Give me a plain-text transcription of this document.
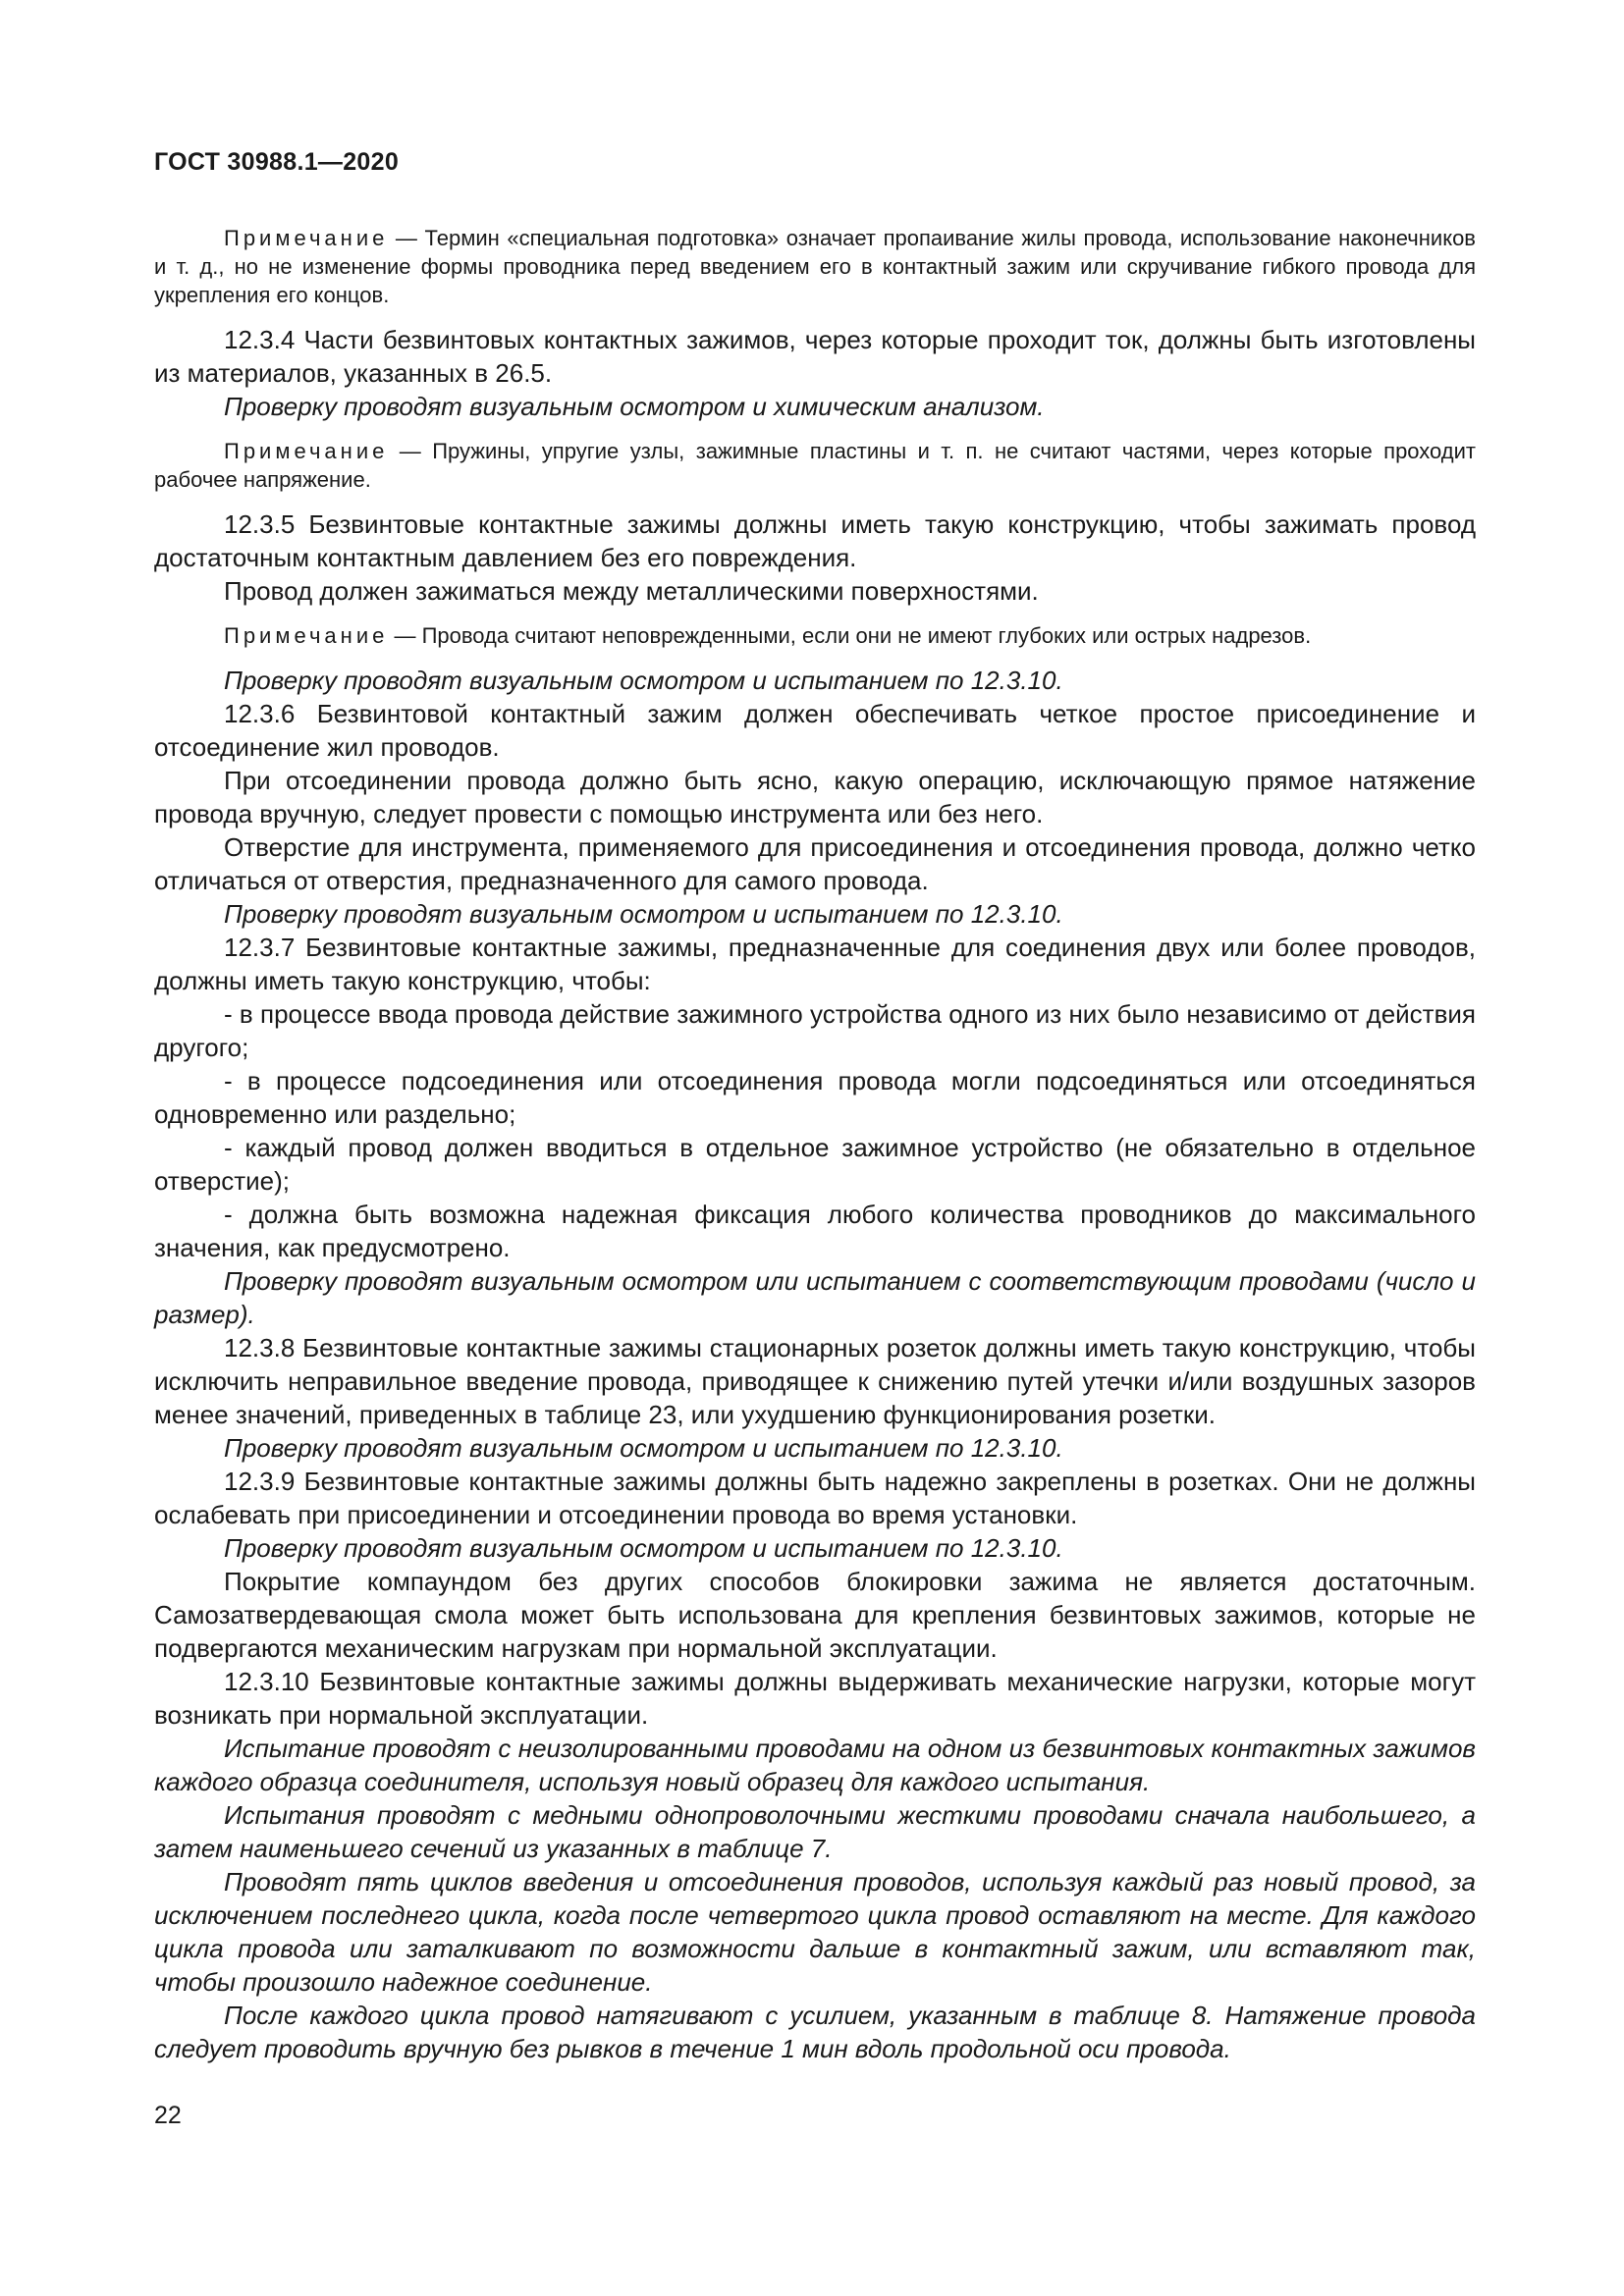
ГОСТ 30988.1—2020

Примечание — Термин «специальная подготовка» означает пропаивание жилы провода, использование наконечников и т. д., но не изменение формы проводника перед введением его в контактный зажим или скручивание гибкого провода для укрепления его концов.

12.3.4 Части безвинтовых контактных зажимов, через которые проходит ток, должны быть изготовлены из материалов, указанных в 26.5.

Проверку проводят визуальным осмотром и химическим анализом.

Примечание — Пружины, упругие узлы, зажимные пластины и т. п. не считают частями, через которые проходит рабочее напряжение.

12.3.5 Безвинтовые контактные зажимы должны иметь такую конструкцию, чтобы зажимать провод достаточным контактным давлением без его повреждения.

Провод должен зажиматься между металлическими поверхностями.

Примечание — Провода считают неповрежденными, если они не имеют глубоких или острых надрезов.

Проверку проводят визуальным осмотром и испытанием по 12.3.10.

12.3.6 Безвинтовой контактный зажим должен обеспечивать четкое простое присоединение и отсоединение жил проводов.

При отсоединении провода должно быть ясно, какую операцию, исключающую прямое натяжение провода вручную, следует провести с помощью инструмента или без него.

Отверстие для инструмента, применяемого для присоединения и отсоединения провода, должно четко отличаться от отверстия, предназначенного для самого провода.

Проверку проводят визуальным осмотром и испытанием по 12.3.10.

12.3.7 Безвинтовые контактные зажимы, предназначенные для соединения двух или более проводов, должны иметь такую конструкцию, чтобы:

- в процессе ввода провода действие зажимного устройства одного из них было независимо от действия другого;

- в процессе подсоединения или отсоединения провода могли подсоединяться или отсоединяться одновременно или раздельно;

- каждый провод должен вводиться в отдельное зажимное устройство (не обязательно в отдельное отверстие);

- должна быть возможна надежная фиксация любого количества проводников до максимального значения, как предусмотрено.

Проверку проводят визуальным осмотром или испытанием с соответствующим проводами (число и размер).

12.3.8 Безвинтовые контактные зажимы стационарных розеток должны иметь такую конструкцию, чтобы исключить неправильное введение провода, приводящее к снижению путей утечки и/или воздушных зазоров менее значений, приведенных в таблице 23, или ухудшению функционирования розетки.

Проверку проводят визуальным осмотром и испытанием по 12.3.10.

12.3.9 Безвинтовые контактные зажимы должны быть надежно закреплены в розетках. Они не должны ослабевать при присоединении и отсоединении провода во время установки.

Проверку проводят визуальным осмотром и испытанием по 12.3.10.

Покрытие компаундом без других способов блокировки зажима не является достаточным. Самозатвердевающая смола может быть использована для крепления безвинтовых зажимов, которые не подвергаются механическим нагрузкам при нормальной эксплуатации.

12.3.10 Безвинтовые контактные зажимы должны выдерживать механические нагрузки, которые могут возникать при нормальной эксплуатации.

Испытание проводят с неизолированными проводами на одном из безвинтовых контактных зажимов каждого образца соединителя, используя новый образец для каждого испытания.

Испытания проводят с медными однопроволочными жесткими проводами сначала наибольшего, а затем наименьшего сечений из указанных в таблице 7.

Проводят пять циклов введения и отсоединения проводов, используя каждый раз новый провод, за исключением последнего цикла, когда после четвертого цикла провод оставляют на месте. Для каждого цикла провода или заталкивают по возможности дальше в контактный зажим, или вставляют так, чтобы произошло надежное соединение.

После каждого цикла провод натягивают с усилием, указанным в таблице 8. Натяжение провода следует проводить вручную без рывков в течение 1 мин вдоль продольной оси провода.

22
